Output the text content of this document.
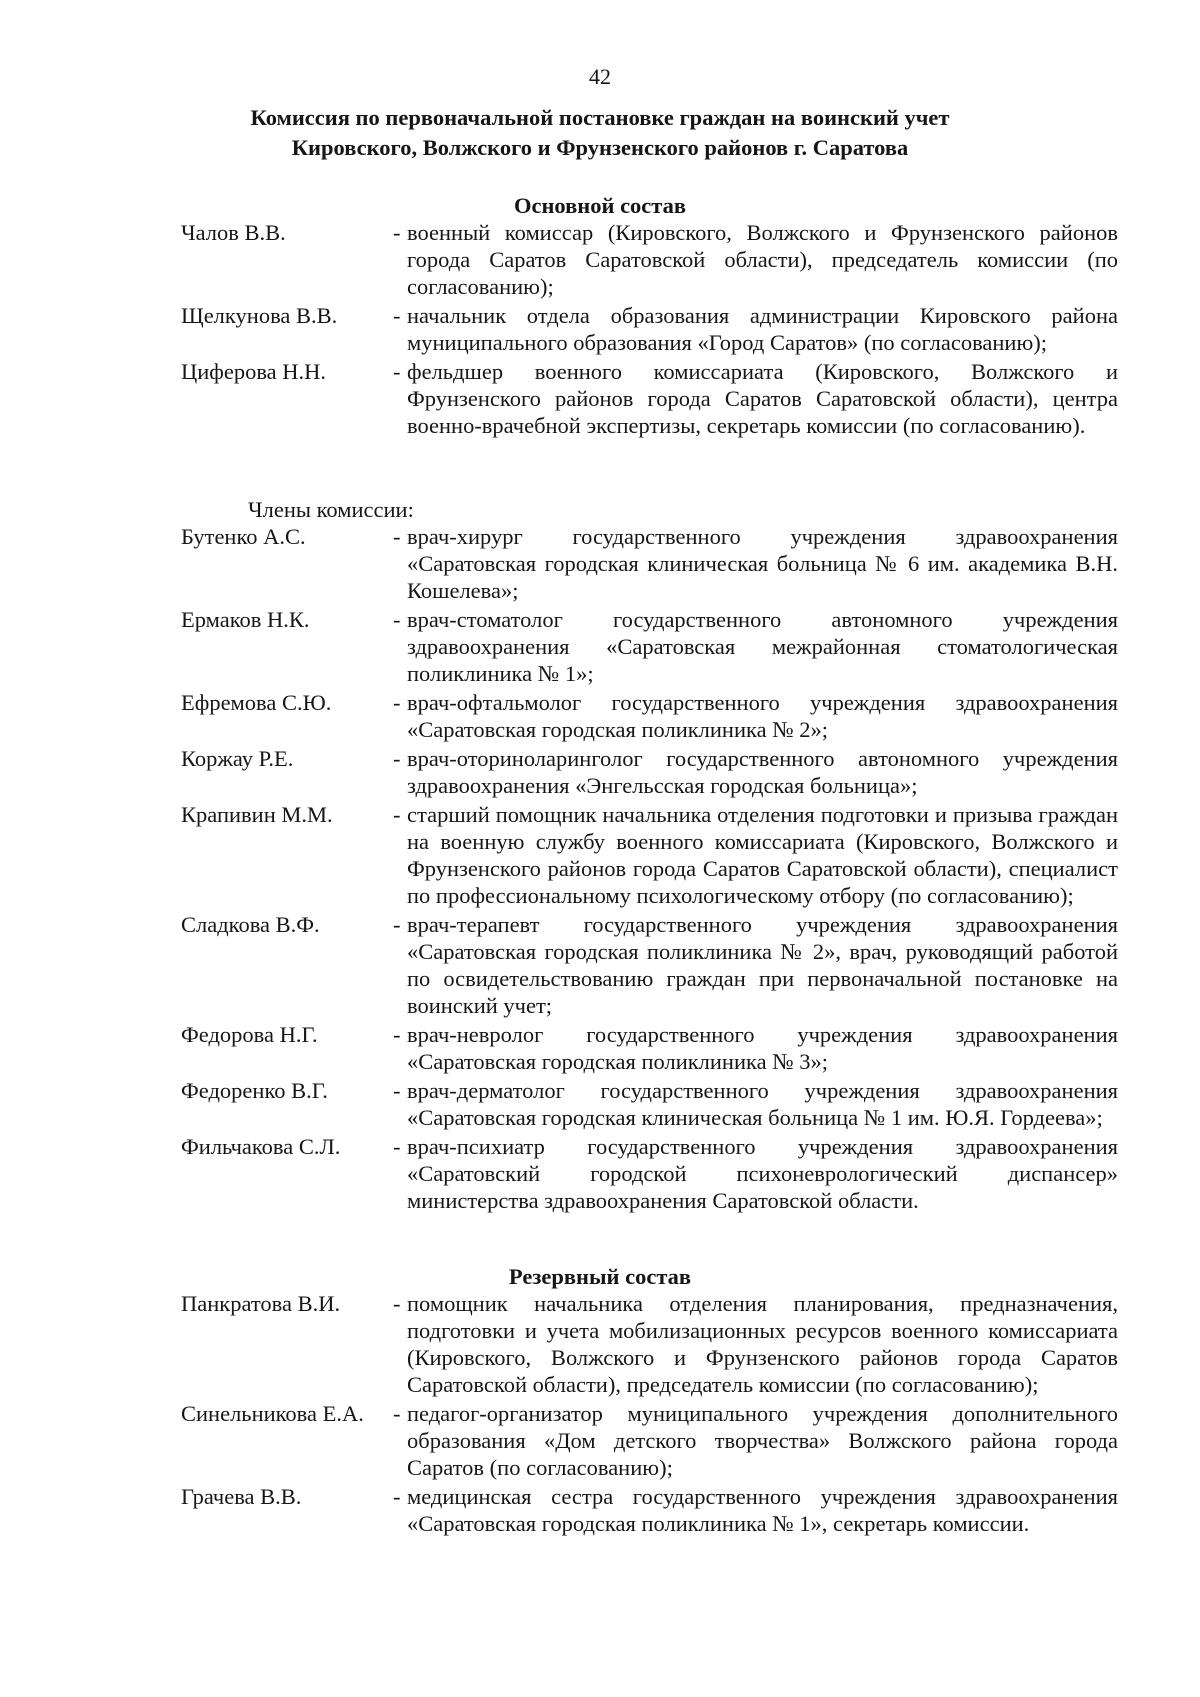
42
Комиссия по первоначальной постановке граждан на воинский учет
Кировского, Волжского и Фрунзенского районов г. Саратова
Основной состав
Чалов В.В.	- военный комиссар (Кировского, Волжского и Фрунзенского районов города Саратов Саратовской области), председатель комиссии (по согласованию);
Щелкунова В.В.	- начальник отдела образования администрации Кировского района муниципального образования «Город Саратов» (по согласованию);
Циферова Н.Н.	- фельдшер военного комиссариата (Кировского, Волжского и Фрунзенского районов города Саратов Саратовской области), центра военно-врачебной экспертизы, секретарь комиссии (по согласованию).
Члены комиссии:
Бутенко А.С.	- врач-хирург государственного учреждения здравоохранения «Саратовская городская клиническая больница № 6 им. академика В.Н. Кошелева»;
Ермаков Н.К.	- врач-стоматолог государственного автономного учреждения здравоохранения «Саратовская межрайонная стоматологическая поликлиника № 1»;
Ефремова С.Ю.	- врач-офтальмолог государственного учреждения здравоохранения «Саратовская городская поликлиника № 2»;
Коржау Р.Е.	- врач-оториноларинголог государственного автономного учреждения здравоохранения «Энгельсская городская больница»;
Крапивин М.М.	- старший помощник начальника отделения подготовки и призыва граждан на военную службу военного комиссариата (Кировского, Волжского и Фрунзенского районов города Саратов Саратовской области), специалист по профессиональному психологическому отбору (по согласованию);
Сладкова В.Ф.	- врач-терапевт государственного учреждения здравоохранения «Саратовская городская поликлиника № 2», врач, руководящий работой по освидетельствованию граждан при первоначальной постановке на воинский учет;
Федорова Н.Г.	- врач-невролог государственного учреждения здравоохранения «Саратовская городская поликлиника № 3»;
Федоренко В.Г.	- врач-дерматолог государственного учреждения здравоохранения «Саратовская городская клиническая больница № 1 им. Ю.Я. Гордеева»;
Фильчакова С.Л.	- врач-психиатр государственного учреждения здравоохранения «Саратовский городской психоневрологический диспансер» министерства здравоохранения Саратовской области.
Резервный состав
Панкратова В.И.	- помощник начальника отделения планирования, предназначения, подготовки и учета мобилизационных ресурсов военного комиссариата (Кировского, Волжского и Фрунзенского районов города Саратов Саратовской области), председатель комиссии (по согласованию);
Синельникова Е.А.	- педагог-организатор муниципального учреждения дополнительного образования «Дом детского творчества» Волжского района города Саратов (по согласованию);
Грачева В.В.	- медицинская сестра государственного учреждения здравоохранения «Саратовская городская поликлиника № 1», секретарь комиссии.
